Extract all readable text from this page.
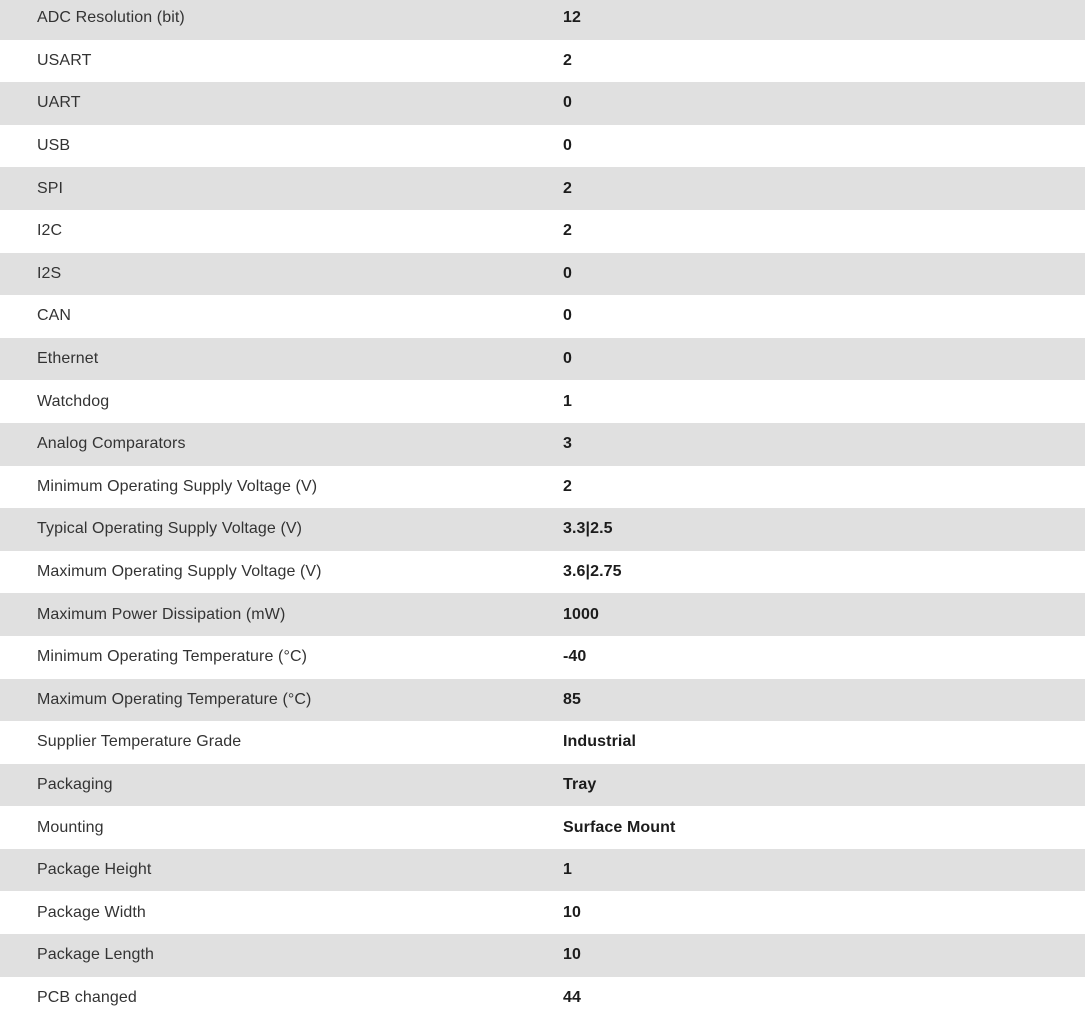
ADC Resolution (bit)	12
USART	2
UART	0
USB	0
SPI	2
I2C	2
I2S	0
CAN	0
Ethernet	0
Watchdog	1
Analog Comparators	3
Minimum Operating Supply Voltage (V)	2
Typical Operating Supply Voltage (V)	3.3|2.5
Maximum Operating Supply Voltage (V)	3.6|2.75
Maximum Power Dissipation (mW)	1000
Minimum Operating Temperature (°C)	-40
Maximum Operating Temperature (°C)	85
Supplier Temperature Grade	Industrial
Packaging	Tray
Mounting	Surface Mount
Package Height	1
Package Width	10
Package Length	10
PCB changed	44
